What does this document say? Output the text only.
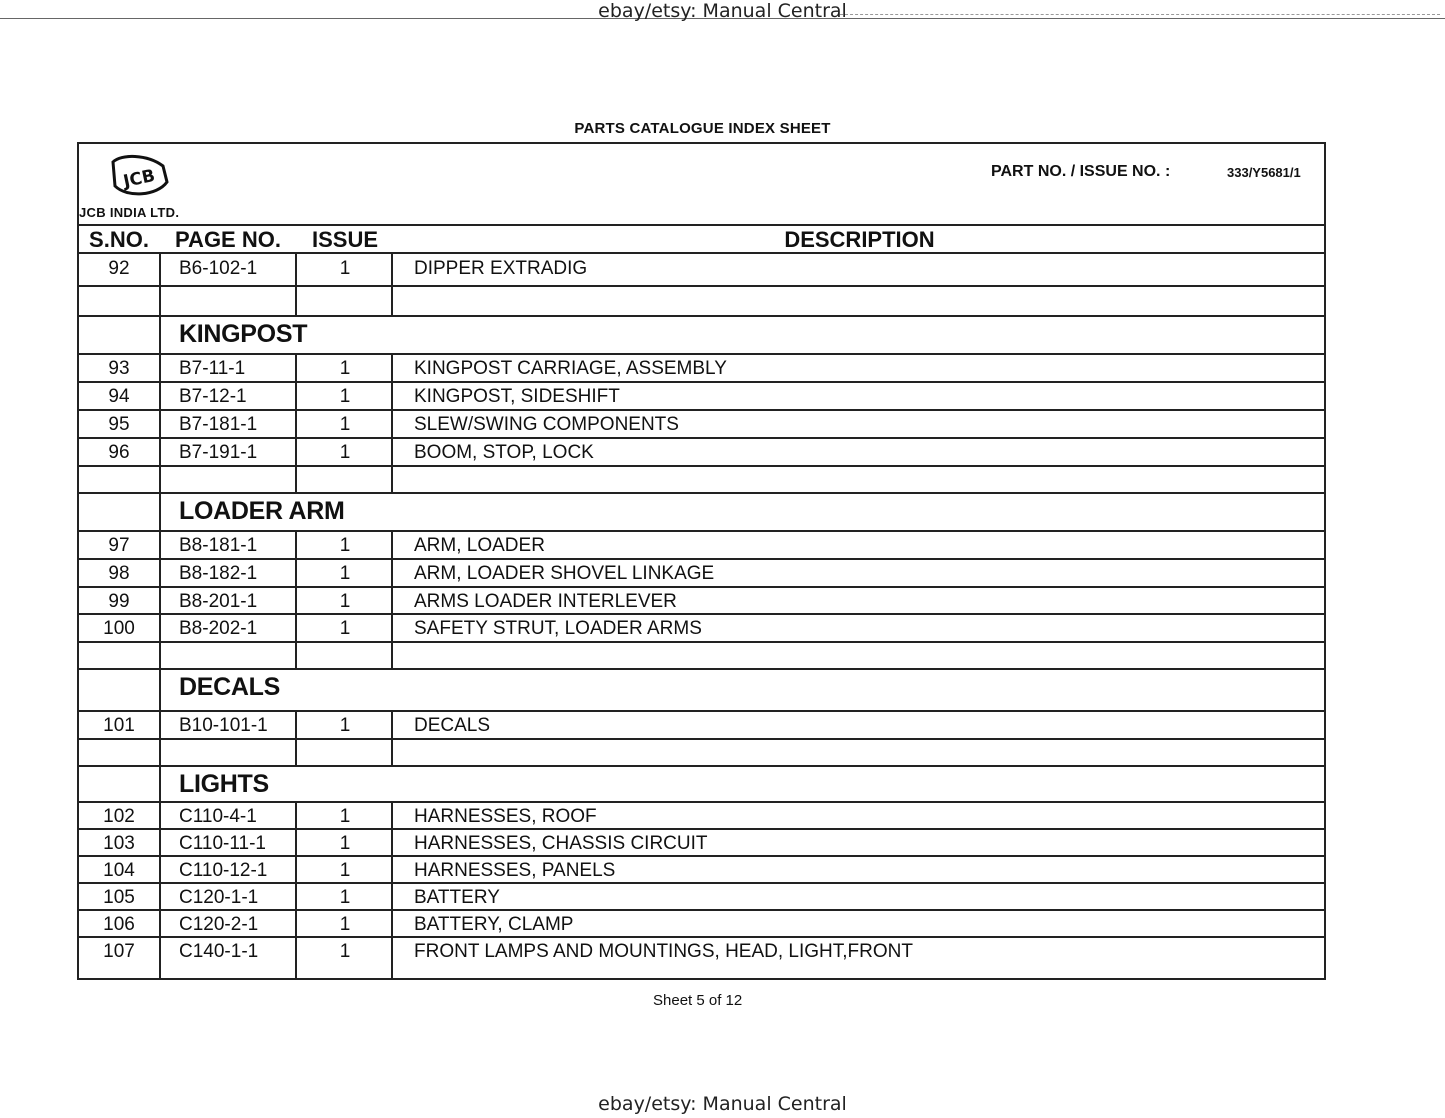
ebay/etsy: Manual Central
PARTS CATALOGUE INDEX SHEET
JCB
JCB INDIA LTD.
PART NO. / ISSUE NO. :	333/Y5681/1
S.NO.	PAGE NO.	ISSUE	DESCRIPTION
92	B6-102-1	1	DIPPER EXTRADIG
KINGPOST
93	B7-11-1	1	KINGPOST CARRIAGE, ASSEMBLY
94	B7-12-1	1	KINGPOST, SIDESHIFT
95	B7-181-1	1	SLEW/SWING COMPONENTS
96	B7-191-1	1	BOOM, STOP, LOCK
LOADER ARM
97	B8-181-1	1	ARM, LOADER
98	B8-182-1	1	ARM, LOADER SHOVEL LINKAGE
99	B8-201-1	1	ARMS LOADER INTERLEVER
100	B8-202-1	1	SAFETY STRUT, LOADER ARMS
DECALS
101	B10-101-1	1	DECALS
LIGHTS
102	C110-4-1	1	HARNESSES, ROOF
103	C110-11-1	1	HARNESSES, CHASSIS CIRCUIT
104	C110-12-1	1	HARNESSES, PANELS
105	C120-1-1	1	BATTERY
106	C120-2-1	1	BATTERY, CLAMP
107	C140-1-1	1	FRONT LAMPS AND MOUNTINGS, HEAD, LIGHT,FRONT
Sheet 5 of 12
ebay/etsy: Manual Central
